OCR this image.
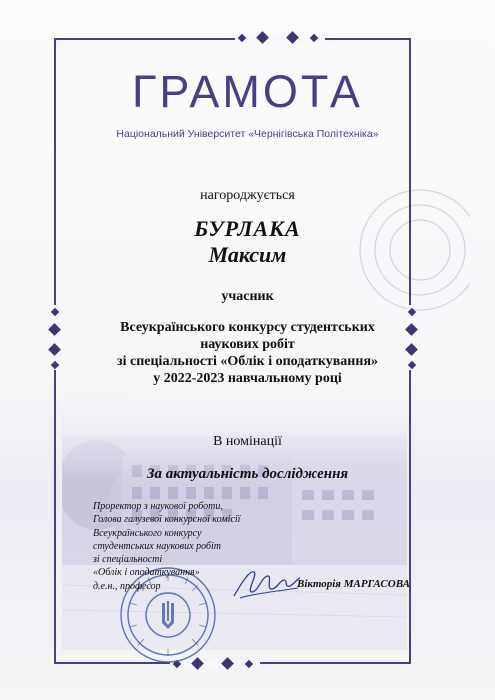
ГРАМОТА
Національний Університет «Чернігівська Політехніка»
нагороджується
БУРЛАКА
Максим
учасник
Всеукраїнського конкурсу студентських
наукових робіт
зі спеціальності «Облік і оподаткування»
у 2022-2023 навчальному році
В номінації
За актуальність дослідження
Проректор з наукової роботи,
Голова галузевої конкурсної комісії
Всеукраїнського конкурсу
студентських наукових робіт
зі спеціальності
«Облік і оподаткування»
д.е.н., професор	Вікторія МАРГАСОВА
